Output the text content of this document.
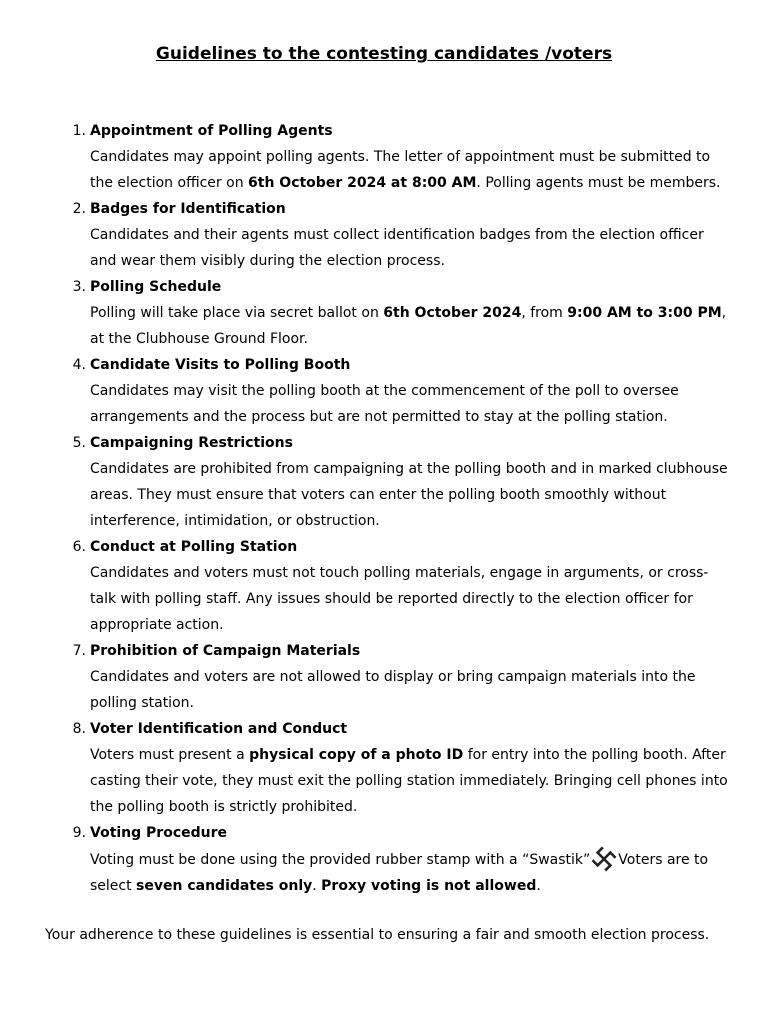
Guidelines to the contesting candidates /voters
1. Appointment of Polling Agents
Candidates may appoint polling agents. The letter of appointment must be submitted to the election officer on 6th October 2024 at 8:00 AM. Polling agents must be members.
2. Badges for Identification
Candidates and their agents must collect identification badges from the election officer and wear them visibly during the election process.
3. Polling Schedule
Polling will take place via secret ballot on 6th October 2024, from 9:00 AM to 3:00 PM, at the Clubhouse Ground Floor.
4. Candidate Visits to Polling Booth
Candidates may visit the polling booth at the commencement of the poll to oversee arrangements and the process but are not permitted to stay at the polling station.
5. Campaigning Restrictions
Candidates are prohibited from campaigning at the polling booth and in marked clubhouse areas. They must ensure that voters can enter the polling booth smoothly without interference, intimidation, or obstruction.
6. Conduct at Polling Station
Candidates and voters must not touch polling materials, engage in arguments, or cross-talk with polling staff. Any issues should be reported directly to the election officer for appropriate action.
7. Prohibition of Campaign Materials
Candidates and voters are not allowed to display or bring campaign materials into the polling station.
8. Voter Identification and Conduct
Voters must present a physical copy of a photo ID for entry into the polling booth. After casting their vote, they must exit the polling station immediately. Bringing cell phones into the polling booth is strictly prohibited.
9. Voting Procedure
Voting must be done using the provided rubber stamp with a “Swastik” Voters are to select seven candidates only. Proxy voting is not allowed.
Your adherence to these guidelines is essential to ensuring a fair and smooth election process.
